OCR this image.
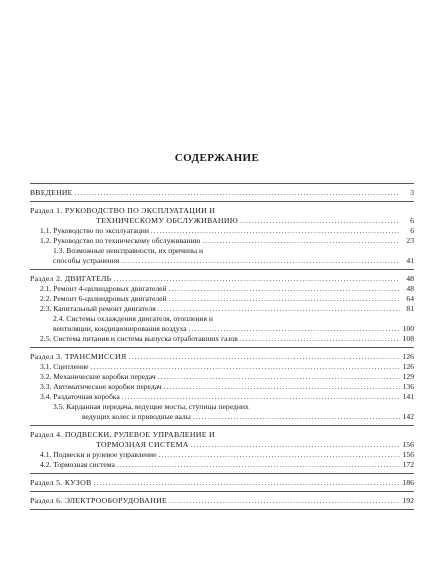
СОДЕРЖАНИЕ
ВВЕДЕНИЕ .....	3
Раздел 1. РУКОВОДСТВО ПО ЭКСПЛУАТАЦИИ И
ТЕХНИЧЕСКОМУ ОБСЛУЖИВАНИЮ .....	6
1.1. Руководство по эксплуатации .....	6
1.2. Руководство по техническому обслуживанию .....	23
1.3. Возможные неисправности, их причины и
способы устранения .....	41
Раздел 2. ДВИГАТЕЛЬ .....	48
2.1. Ремонт 4-цилиндровых двигателей .....	48
2.2. Ремонт 6-цилиндровых двигателей .....	64
2.3. Капитальный ремонт двигателя .....	81
2.4. Системы охлаждения двигателя, отопления и
вентиляции, кондиционирования воздуха .....	100
2.5. Система питания и система выпуска отработавших газов .....	108
Раздел 3. ТРАНСМИССИЯ .....	126
3.1. Сцепление .....	126
3.2. Механические коробки передач .....	129
3.3. Автоматические коробки передач .....	136
3.4. Раздаточная коробка .....	141
3.5. Карданная передача, ведущие мосты, ступицы передних
ведущих колес и приводные валы .....	142
Раздел 4. ПОДВЕСКИ, РУЛЕВОЕ УПРАВЛЕНИЕ И
ТОРМОЗНАЯ СИСТЕМА .....	156
4.1. Подвески и рулевое управление .....	156
4.2. Тормозная система .....	172
Раздел 5. КУЗОВ .....	186
Раздел 6. ЭЛЕКТРООБОРУДОВАНИЕ .....	192
